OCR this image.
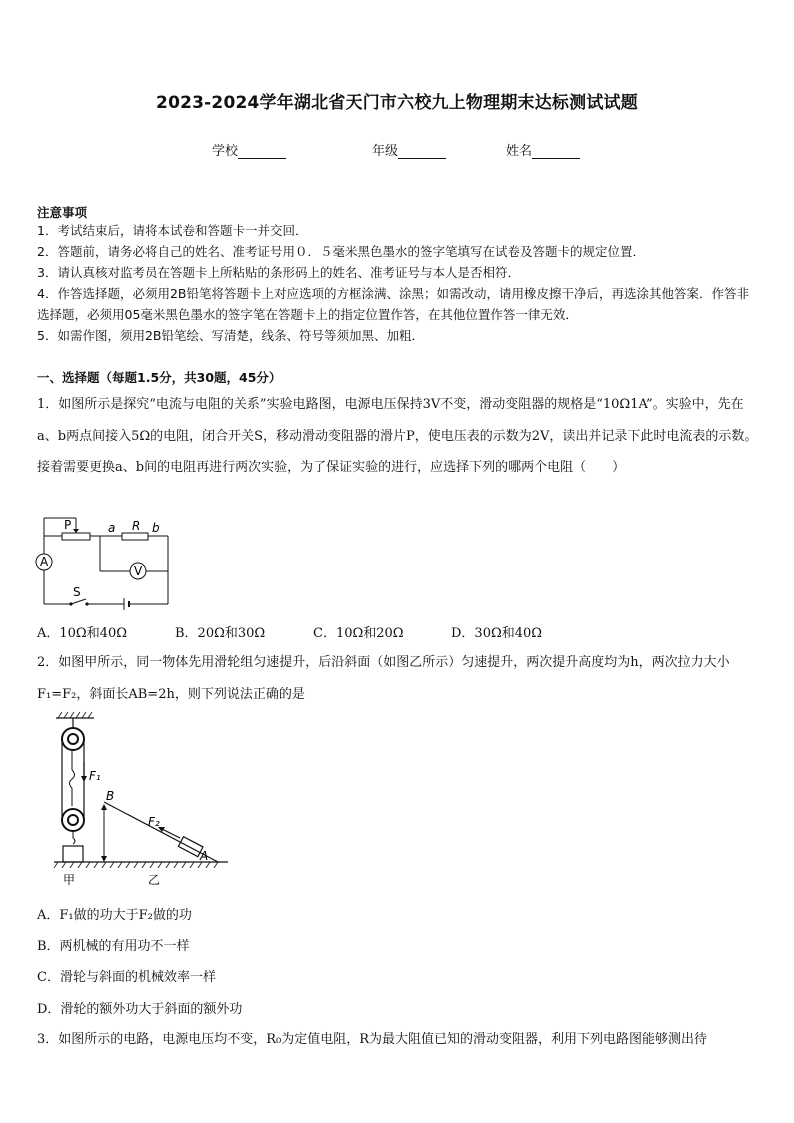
2023-2024学年湖北省天门市六校九上物理期末达标测试试题
学校	年级	姓名
注意事项

1．考试结束后，请将本试卷和答题卡一并交回．

2．答题前，请务必将自己的姓名、准考证号用０．５毫米黑色墨水的签字笔填写在试卷及答题卡的规定位置．

3．请认真核对监考员在答题卡上所粘贴的条形码上的姓名、准考证号与本人是否相符．

4．作答选择题，必须用2B铅笔将答题卡上对应选项的方框涂满、涂黑；如需改动，请用橡皮擦干净后，再选涂其他答案．作答非选择题，必须用05毫米黑色墨水的签字笔在答题卡上的指定位置作答，在其他位置作答一律无效．

5．如需作图，须用2B铅笔绘、写清楚，线条、符号等须加黑、加粗．

一、选择题（每题1.5分，共30题，45分）

1．如图所示是探究“电流与电阻的关系”实验电路图，电源电压保持3V不变，滑动变阻器的规格是“10Ω1A”。实验中，先在a、b两点间接入5Ω的电阻，闭合开关S，移动滑动变阻器的滑片P，使电压表的示数为2V，读出并记录下此时电流表的示数。接着需要更换a、b间的电阻再进行两次实验，为了保证实验的进行，应选择下列的哪两个电阻（　　）

P	a R b
A
V
S
A．10Ω和40Ω	B．20Ω和30Ω	C．10Ω和20Ω	D．30Ω和40Ω

2．如图甲所示，同一物体先用滑轮组匀速提升，后沿斜面（如图乙所示）匀速提升，两次提升高度均为h，两次拉力大小F₁=F₂，斜面长AB=2h，则下列说法正确的是

F₁
B
F₂
A
甲	乙
A．F₁做的功大于F₂做的功
B．两机械的有用功不一样
C．滑轮与斜面的机械效率一样
D．滑轮的额外功大于斜面的额外功

3．如图所示的电路，电源电压均不变，R₀为定值电阻，R为最大阻值已知的滑动变阻器，利用下列电路图能够测出待
